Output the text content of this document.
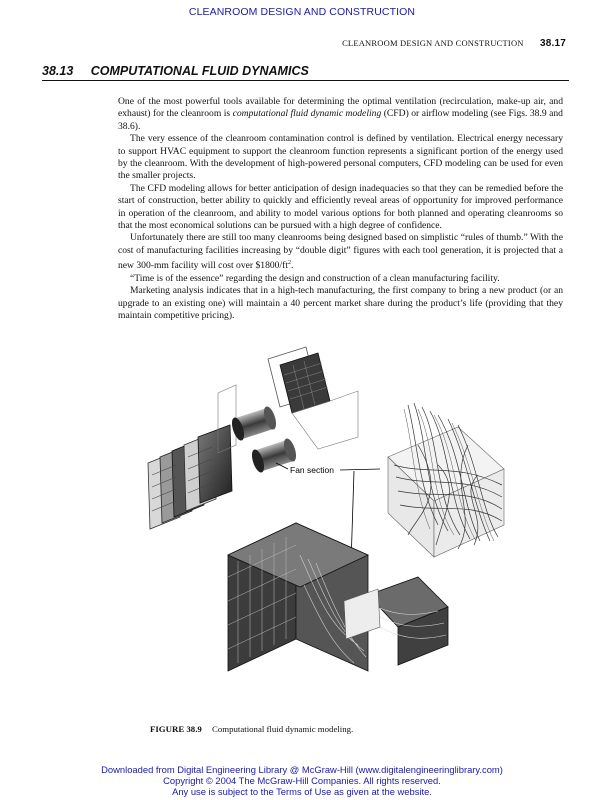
CLEANROOM DESIGN AND CONSTRUCTION
CLEANROOM DESIGN AND CONSTRUCTION 38.17
38.13 COMPUTATIONAL FLUID DYNAMICS

One of the most powerful tools available for determining the optimal ventilation (recirculation, make-up air, and exhaust) for the cleanroom is computational fluid dynamic modeling (CFD) or airflow modeling (see Figs. 38.9 and 38.6).

The very essence of the cleanroom contamination control is defined by ventilation. Electrical energy necessary to support HVAC equipment to support the cleanroom function represents a significant portion of the energy used by the cleanroom. With the development of high-powered personal computers, CFD modeling can be used for even the smaller projects.

The CFD modeling allows for better anticipation of design inadequacies so that they can be remedied before the start of construction, better ability to quickly and efficiently reveal areas of opportunity for improved performance in operation of the cleanroom, and ability to model various options for both planned and operating cleanrooms so that the most economical solutions can be pursued with a high degree of confidence.

Unfortunately there are still too many cleanrooms being designed based on simplistic “rules of thumb.” With the cost of manufacturing facilities increasing by “double digit” figures with each tool generation, it is projected that a new 300-mm facility will cost over $\$1800/ft^2$.

“Time is of the essence” regarding the design and construction of a clean manufacturing facility.

Marketing analysis indicates that in a high-tech manufacturing, the first company to bring a new product (or an upgrade to an existing one) will maintain a 40 percent market share during the product’s life (providing that they maintain competitive pricing).

Fan section
FIGURE 38.9 Computational fluid dynamic modeling.
Downloaded from Digital Engineering Library @ McGraw-Hill (www.digitalengineeringlibrary.com)
Copyright © 2004 The McGraw-Hill Companies. All rights reserved.
Any use is subject to the Terms of Use as given at the website.
